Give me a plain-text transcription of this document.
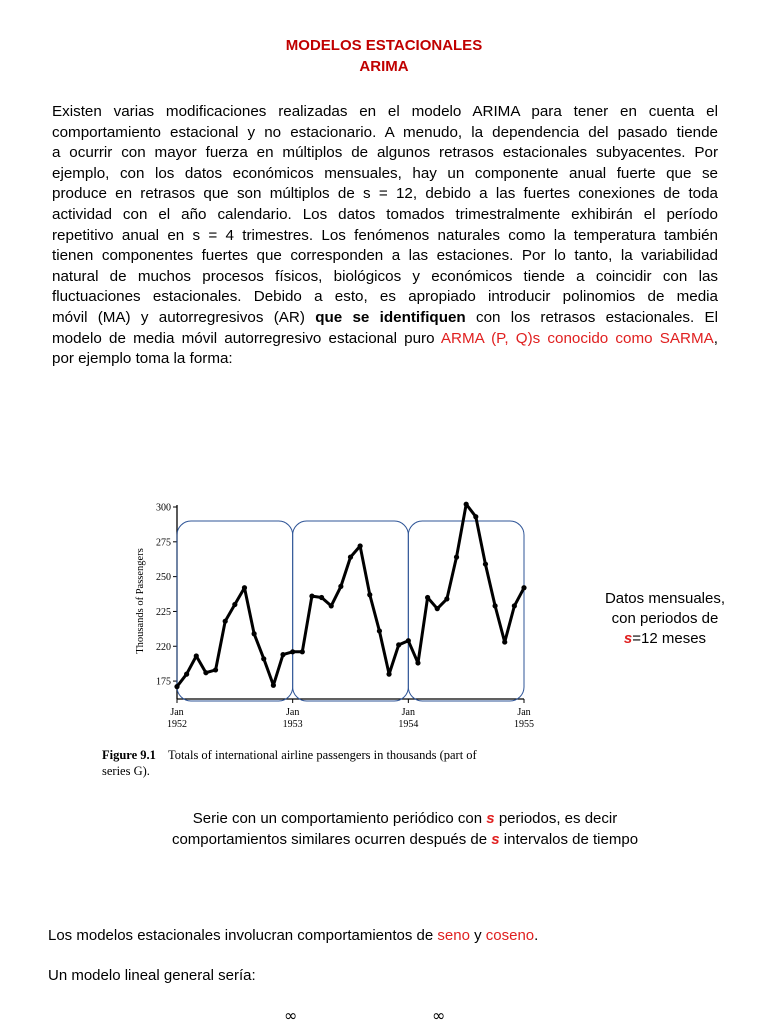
MODELOS ESTACIONALES
ARIMA
Existen varias modificaciones realizadas en el modelo ARIMA para tener en cuenta el
comportamiento estacional y no estacionario. A menudo, la dependencia del pasado tiende
a ocurrir con mayor fuerza en múltiplos de algunos retrasos estacionales subyacentes. Por
ejemplo, con los datos económicos mensuales, hay un componente anual fuerte que se
produce en retrasos que son múltiplos de s = 12, debido a las fuertes conexiones de toda
actividad con el año calendario. Los datos tomados trimestralmente exhibirán el período
repetitivo anual en s = 4 trimestres. Los fenómenos naturales como la temperatura también
tienen componentes fuertes que corresponden a las estaciones. Por lo tanto, la variabilidad
natural de muchos procesos físicos, biológicos y económicos tiende a coincidir con las
fluctuaciones estacionales. Debido a esto, es apropiado introducir polinomios de media
móvil (MA) y autorregresivos (AR) que se identifiquen con los retrasos estacionales. El
modelo de media móvil autorregresivo estacional puro ARMA (P, Q)s conocido como SARMA,
por ejemplo toma la forma:
300
275
250
225
220
175
Thousands of Passengers
Jan
1952
Jan
1953
Jan
1954
Jan
1955
Figure 9.1 Totals of international airline passengers in thousands (part of
series G).
Datos mensuales,
con periodos de
s=12 meses
Serie con un comportamiento periódico con s periodos, es decir
comportamientos similares ocurren después de s intervalos de tiempo
Los modelos estacionales involucran comportamientos de seno y coseno.
Un modelo lineal general sería:
∞	∞
